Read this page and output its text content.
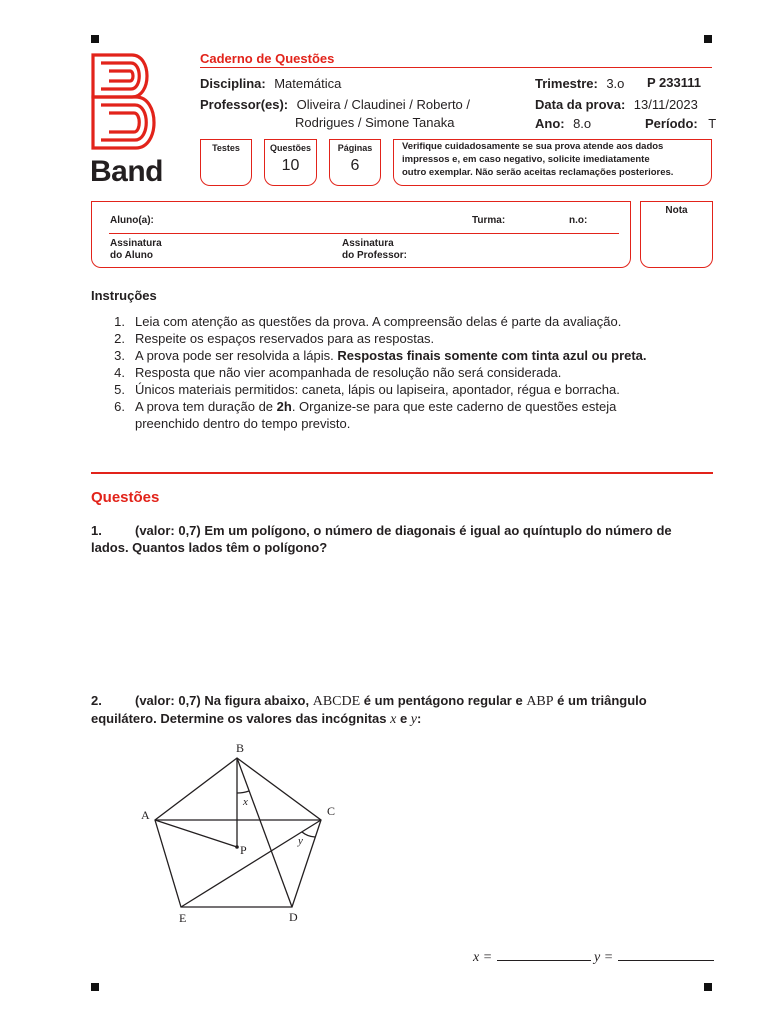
Band
Caderno de Questões
Disciplina: Matemática
Professor(es): Oliveira / Claudinei / Roberto /
Rodrigues / Simone Tanaka
Trimestre: 3.o P 233111
Data da prova: 13/11/2023
Ano: 8.o	Período: T
Testes	Questões
10
Páginas
6
Verifique cuidadosamente se sua prova atende aos dados
impressos e, em caso negativo, solicite imediatamente
outro exemplar. Não serão aceitas reclamações posteriores.
Aluno(a):	Turma:	n.o:
Assinatura
do Aluno
Assinatura
do Professor:
Nota
Instruções
1. Leia com atenção as questões da prova. A compreensão delas é parte da avaliação.
2. Respeite os espaços reservados para as respostas.
3. A prova pode ser resolvida a lápis. Respostas finais somente com tinta azul ou preta.
4. Resposta que não vier acompanhada de resolução não será considerada.
5. Únicos materiais permitidos: caneta, lápis ou lapiseira, apontador, régua e borracha.
6. A prova tem duração de 2h. Organize-se para que este caderno de questões esteja
preenchido dentro do tempo previsto.
Questões
1.	(valor: 0,7) Em um polígono, o número de diagonais é igual ao quíntuplo do número de
lados. Quantos lados têm o polígono?
2.	(valor: 0,7) Na figura abaixo, ABCDE é um pentágono regular e ABP é um triângulo
equilátero. Determine os valores das incógnitas x e y:
B
A	C
D
E
P
x
y
x =	y =
